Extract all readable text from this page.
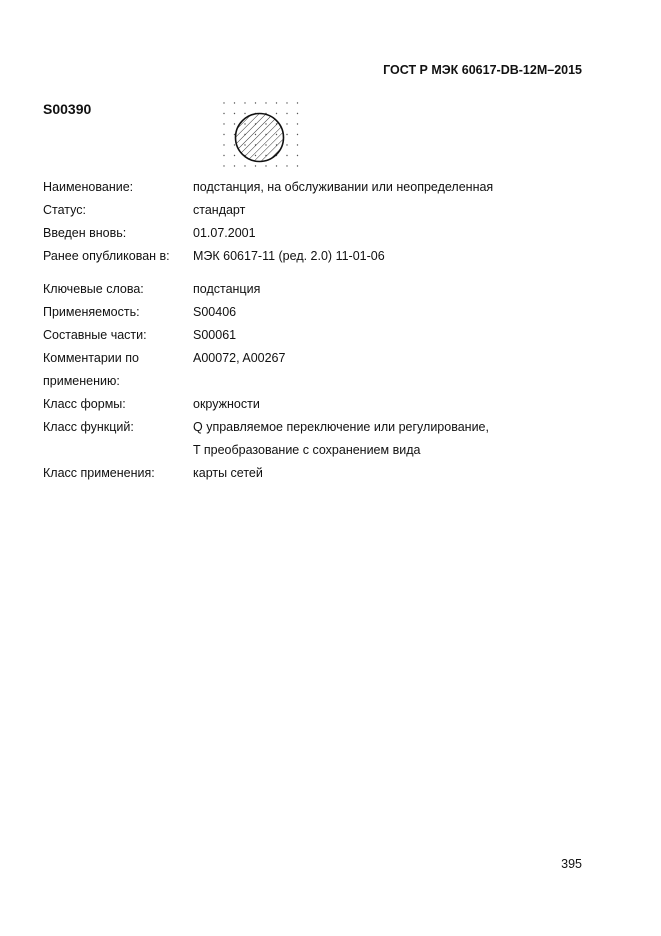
ГОСТ Р МЭК 60617-DB-12M–2015
S00390
Наименование:	подстанция, на обслуживании или неопределенная
Статус:	стандарт
Введен вновь:	01.07.2001
Ранее опубликован в:	МЭК 60617-11 (ред. 2.0) 11-01-06
Ключевые слова:	подстанция
Применяемость:	S00406
Составные части:	S00061
Комментарии по	A00072, A00267
применению:
Класс формы:	окружности
Класс функций:	Q управляемое переключение или регулирование,
T преобразование с сохранением вида
Класс применения:	карты сетей
395
